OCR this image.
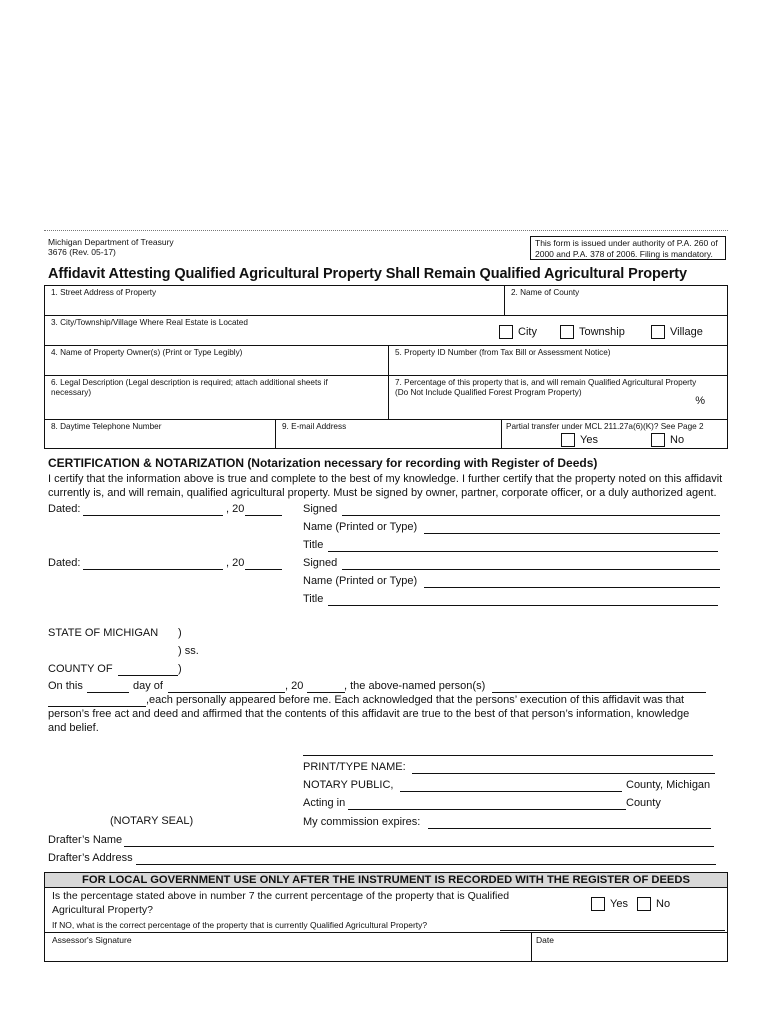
Michigan Department of Treasury
3676 (Rev. 05-17)
This form is issued under authority of P.A. 260 of
2000 and P.A. 378 of 2006. Filing is mandatory.
Affidavit Attesting Qualified Agricultural Property Shall Remain Qualified Agricultural Property
1. Street Address of Property	2. Name of County
3. City/Township/Village Where Real Estate is Located
City	Township	Village
4. Name of Property Owner(s) (Print or Type Legibly)	5. Property ID Number (from Tax Bill or Assessment Notice)
6. Legal Description (Legal description is required; attach additional sheets if
necessary)
7. Percentage of this property that is, and will remain Qualified Agricultural Property
(Do Not Include Qualified Forest Program Property)
%
8. Daytime Telephone Number	9. E-mail Address	Partial transfer under MCL 211.27a(6)(K)? See Page 2
Yes	No
CERTIFICATION & NOTARIZATION (Notarization necessary for recording with Register of Deeds)
I certify that the information above is true and complete to the best of my knowledge. I further certify that the property noted on this affidavit
currently is, and will remain, qualified agricultural property. Must be signed by owner, partner, corporate officer, or a duly authorized agent.
Dated:	, 20	Signed
Name (Printed or Type)
Title
Dated:	, 20	Signed
Name (Printed or Type)
Title
STATE OF MICHIGAN )
) ss.
COUNTY OF	)
On this	day of	, 20	, the above-named person(s)
,each personally appeared before me. Each acknowledged that the persons’ execution of this affidavit was that
person’s free act and deed and affirmed that the contents of this affidavit are true to the best of that person’s information, knowledge
and belief.
PRINT/TYPE NAME:
NOTARY PUBLIC,	County, Michigan
Acting in	County
(NOTARY SEAL)	My commission expires:
Drafter’s Name
Drafter’s Address
FOR LOCAL GOVERNMENT USE ONLY AFTER THE INSTRUMENT IS RECORDED WITH THE REGISTER OF DEEDS
Is the percentage stated above in number 7 the current percentage of the property that is Qualified
Agricultural Property?	Yes	No
If NO, what is the correct percentage of the property that is currently Qualified Agricultural Property?
Assessor's Signature	Date
